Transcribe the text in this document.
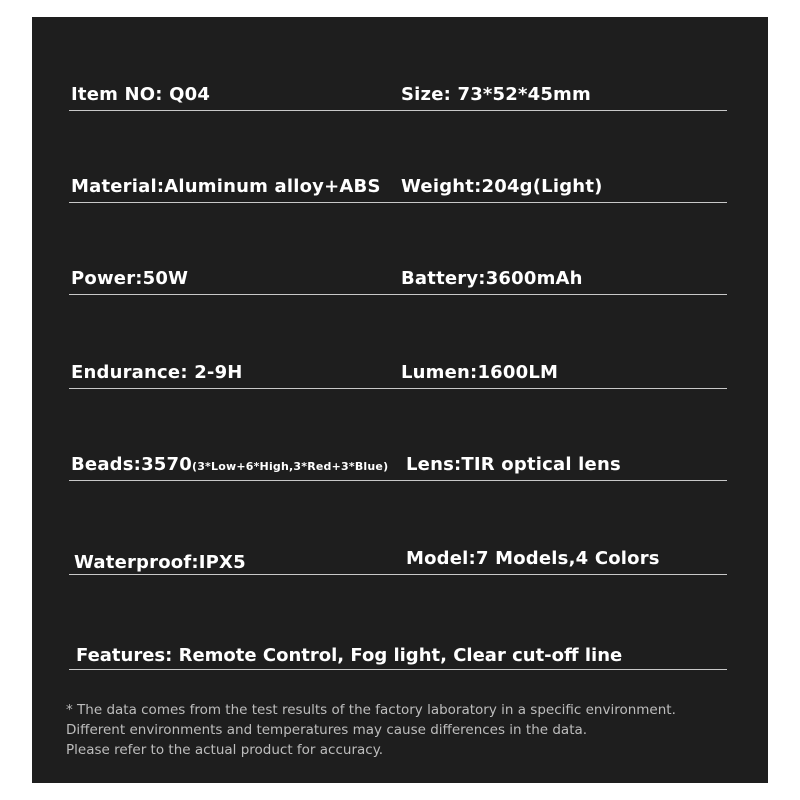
Item NO: Q04	Size: 73*52*45mm
Material:Aluminum alloy+ABS Weight:204g(Light)
Power:50W	Battery:3600mAh
Endurance: 2-9H	Lumen:1600LM
Beads:3570(3*Low+6*High,3*Red+3*Blue) Lens:TIR optical lens
Waterproof:IPX5	Model:7 Models,4 Colors
Features: Remote Control, Fog light, Clear cut-off line
* The data comes from the test results of the factory laboratory in a specific environment.
Different environments and temperatures may cause differences in the data.
Please refer to the actual product for accuracy.
